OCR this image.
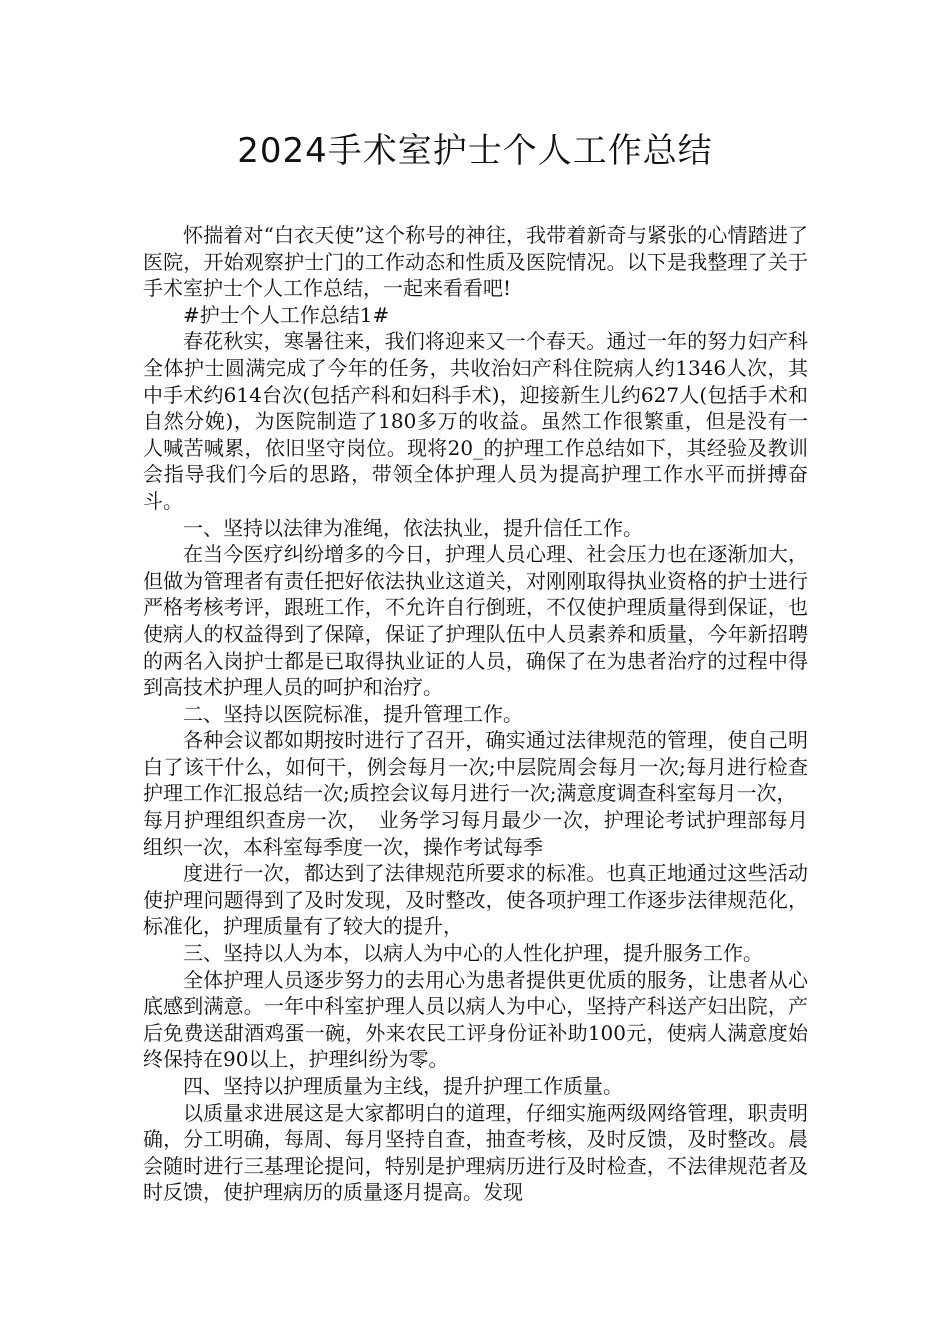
2024手术室护士个人工作总结

怀揣着对“白衣天使”这个称号的神往，我带着新奇与紧张的心情踏进了医院，开始观察护士门的工作动态和性质及医院情况。以下是我整理了关于手术室护士个人工作总结，一起来看看吧!

#护士个人工作总结1#

春花秋实，寒暑往来，我们将迎来又一个春天。通过一年的努力妇产科全体护士圆满完成了今年的任务，共收治妇产科住院病人约1346人次，其中手术约614台次(包括产科和妇科手术)，迎接新生儿约627人(包括手术和自然分娩)，为医院制造了180多万的收益。虽然工作很繁重，但是没有一人喊苦喊累，依旧坚守岗位。现将20_的护理工作总结如下，其经验及教训会指导我们今后的思路，带领全体护理人员为提高护理工作水平而拼搏奋斗。

一、坚持以法律为准绳，依法执业，提升信任工作。

在当今医疗纠纷增多的今日，护理人员心理、社会压力也在逐渐加大，但做为管理者有责任把好依法执业这道关，对刚刚取得执业资格的护士进行严格考核考评，跟班工作，不允许自行倒班，不仅使护理质量得到保证，也使病人的权益得到了保障，保证了护理队伍中人员素养和质量，今年新招聘的两名入岗护士都是已取得执业证的人员，确保了在为患者治疗的过程中得到高技术护理人员的呵护和治疗。

二、坚持以医院标准，提升管理工作。

各种会议都如期按时进行了召开，确实通过法律规范的管理，使自己明白了该干什么，如何干，例会每月一次;中层院周会每月一次;每月进行检查护理工作汇报总结一次;质控会议每月进行一次;满意度调查科室每月一次，

每月护理组织查房一次，　业务学习每月最少一次，护理论考试护理部每月组织一次，本科室每季度一次，操作考试每季

度进行一次，都达到了法律规范所要求的标准。也真正地通过这些活动使护理问题得到了及时发现，及时整改，使各项护理工作逐步法律规范化，标准化，护理质量有了较大的提升，

三、坚持以人为本，以病人为中心的人性化护理，提升服务工作。

全体护理人员逐步努力的去用心为患者提供更优质的服务，让患者从心底感到满意。一年中科室护理人员以病人为中心，坚持产科送产妇出院，产后免费送甜酒鸡蛋一碗，外来农民工评身份证补助100元，使病人满意度始终保持在90以上，护理纠纷为零。

四、坚持以护理质量为主线，提升护理工作质量。

以质量求进展这是大家都明白的道理，仔细实施两级网络管理，职责明确，分工明确，每周、每月坚持自查，抽查考核，及时反馈，及时整改。晨会随时进行三基理论提问，特别是护理病历进行及时检查，不法律规范者及时反馈，使护理病历的质量逐月提高。发现
